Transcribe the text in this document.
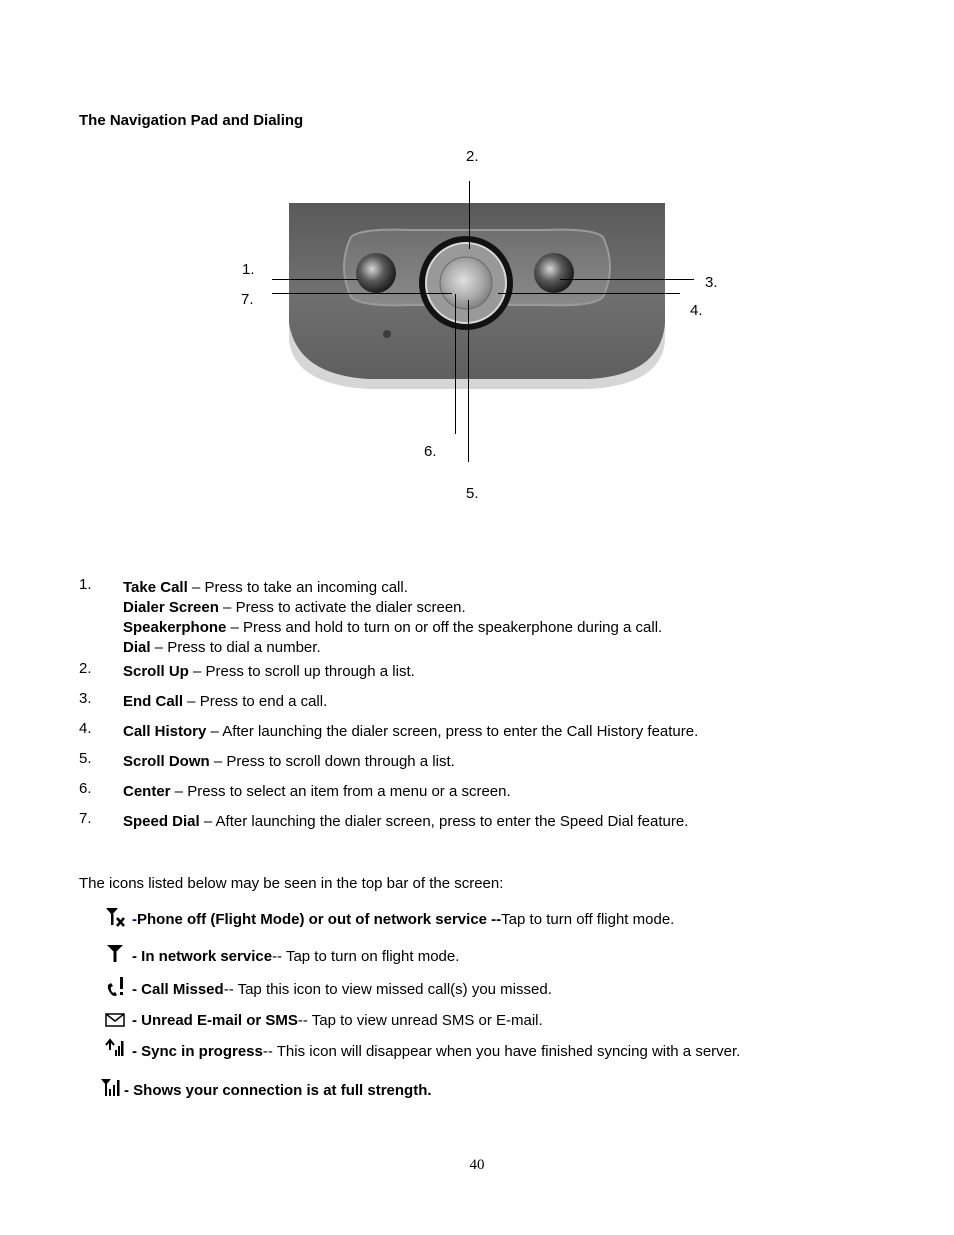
The Navigation Pad and Dialing
2.
1.
7.
3.
4.
6.
5.
1. Take Call – Press to take an incoming call.
Dialer Screen – Press to activate the dialer screen.
Speakerphone – Press and hold to turn on or off the speakerphone during a call.
Dial – Press to dial a number.
2. Scroll Up – Press to scroll up through a list.
3. End Call – Press to end a call.
4. Call History – After launching the dialer screen, press to enter the Call History feature.
5. Scroll Down – Press to scroll down through a list.
6. Center – Press to select an item from a menu or a screen.
7. Speed Dial – After launching the dialer screen, press to enter the Speed Dial feature.
The icons listed below may be seen in the top bar of the screen:
- Phone off (Flight Mode) or out of network service -- Tap to turn off flight mode.
- In network service -- Tap to turn on flight mode.
- Call Missed -- Tap this icon to view missed call(s) you missed.
- Unread E-mail or SMS -- Tap to view unread SMS or E-mail.
- Sync in progress -- This icon will disappear when you have finished syncing with a server.
- Shows your connection is at full strength.
40
